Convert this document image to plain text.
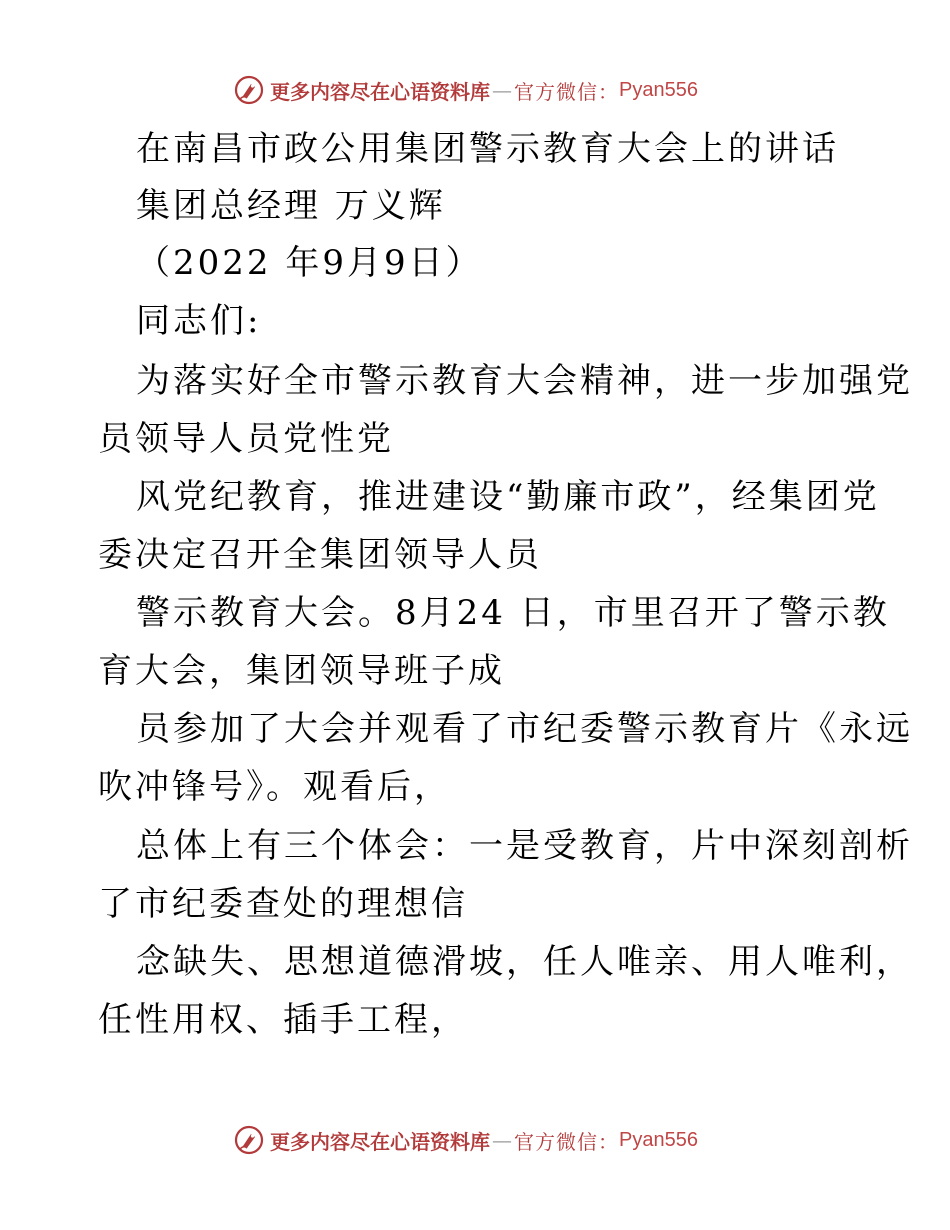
更多内容尽在心语资料库 — 官方微信： Pyan556
在南昌市政公用集团警示教育大会上的讲话
集团总经理 万义辉
（2022 年9月9日）
同志们:
为落实好全市警示教育大会精神，进一步加强党
员领导人员党性党
风党纪教育，推进建设“勤廉市政”，经集团党
委决定召开全集团领导人员
警示教育大会。8月24 日，市里召开了警示教
育大会，集团领导班子成
员参加了大会并观看了市纪委警示教育片《永远
吹冲锋号》。观看后，
总体上有三个体会：一是受教育，片中深刻剖析
了市纪委查处的理想信
念缺失、思想道德滑坡，任人唯亲、用人唯利，
任性用权、插手工程，
更多内容尽在心语资料库 — 官方微信： Pyan556
